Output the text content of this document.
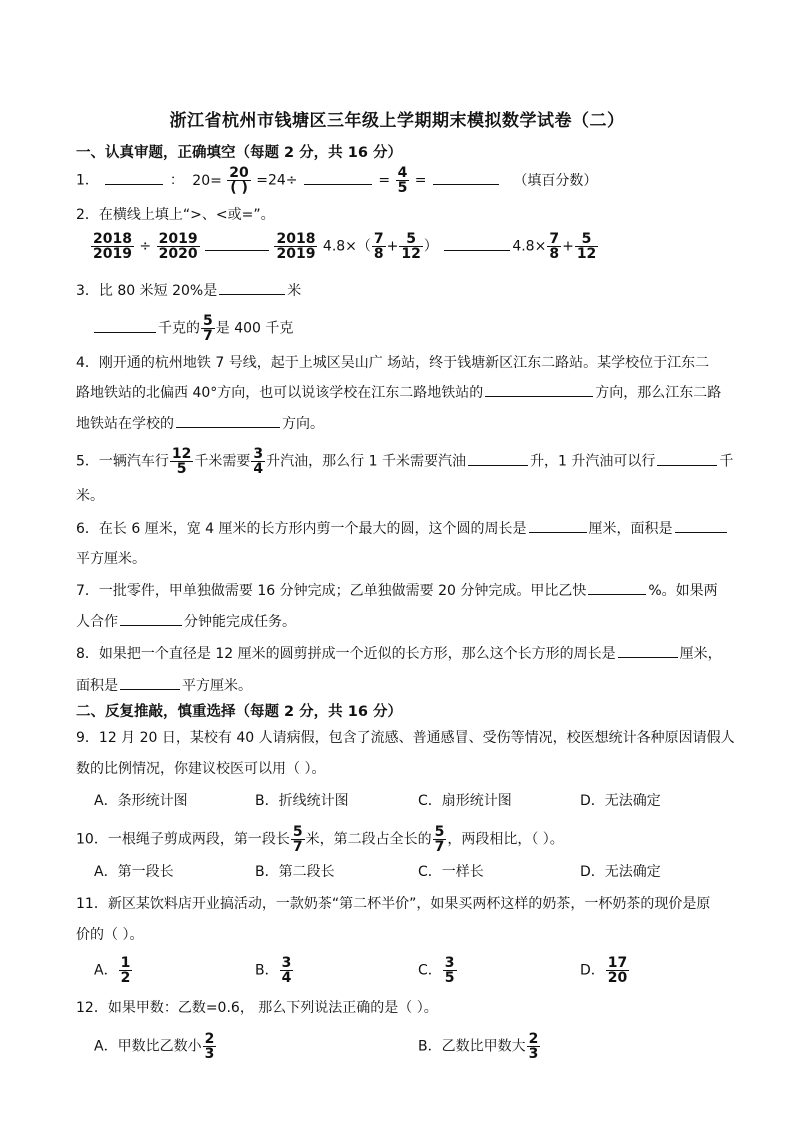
浙江省杭州市钱塘区三年级上学期期末模拟数学试卷（二）
一、认真审题，正确填空（每题 2 分，共 16 分）
1．	： $20= \frac{20}{( )} =24\div$	= $\frac{4}{5}$ =	（填百分数）
2．在横线上填上“>、<或=”。
$\frac{2018}{2019} \div \frac{2019}{2020}$
	$\frac{2018}{2019} 4.8\times( \frac{7}{8} + \frac{5}{12}$ ）	$4.8\times \frac{7}{8} + \frac{5}{12}$
3．比 80 米短 20%是	米
千克的 $\frac{5}{7}$ 是 400 千克
4．刚开通的杭州地铁 7 号线，起于上城区吴山广 场站，终于钱塘新区江东二路站。某学校位于江东二
路地铁站的北偏西 40°方向，也可以说该学校在江东二路地铁站的	方向，那么江东二路
地铁站在学校的	方向。
5．一辆汽车行 $\frac{12}{5}$ 千米需要 $\frac{3}{4}$ 升汽油，那么行 1 千米需要汽油	升，1 升汽油可以行	千
米。
6．在长 6 厘米，宽 4 厘米的长方形内剪一个最大的圆，这个圆的周长是	厘米，面积是
平方厘米。
7．一批零件，甲单独做需要 16 分钟完成；乙单独做需要 20 分钟完成。甲比乙快	%。如果两
人合作	分钟能完成任务。
8．如果把一个直径是 12 厘米的圆剪拼成一个近似的长方形，那么这个长方形的周长是	厘米，
面积是	平方厘米。
二、反复推敲，慎重选择（每题 2 分，共 16 分）
9．12 月 20 日，某校有 40 人请病假，包含了流感、普通感冒、受伤等情况，校医想统计各种原因请假人
数的比例情况，你建议校医可以用（ ）。
A．条形统计图	B．折线统计图	C．扇形统计图	D．无法确定
10．一根绳子剪成两段，第一段长 $\frac{5}{7}$ 米，第二段占全长的 $\frac{5}{7}$ ，两段相比，（ ）。
A．第一段长	B．第二段长	C．一样长	D．无法确定
11．新区某饮料店开业搞活动，一款奶茶“第二杯半价”，如果买两杯这样的奶茶，一杯奶茶的现价是原
价的（ ）。
A． $\frac{1}{2}$	B． $\frac{3}{4}$	C． $\frac{3}{5}$	D． $\frac{17}{20}$
12．如果甲数：乙数=0.6， 那么下列说法正确的是（ ）。
A．甲数比乙数小 $\frac{2}{3}$	B．乙数比甲数大 $\frac{2}{3}$
